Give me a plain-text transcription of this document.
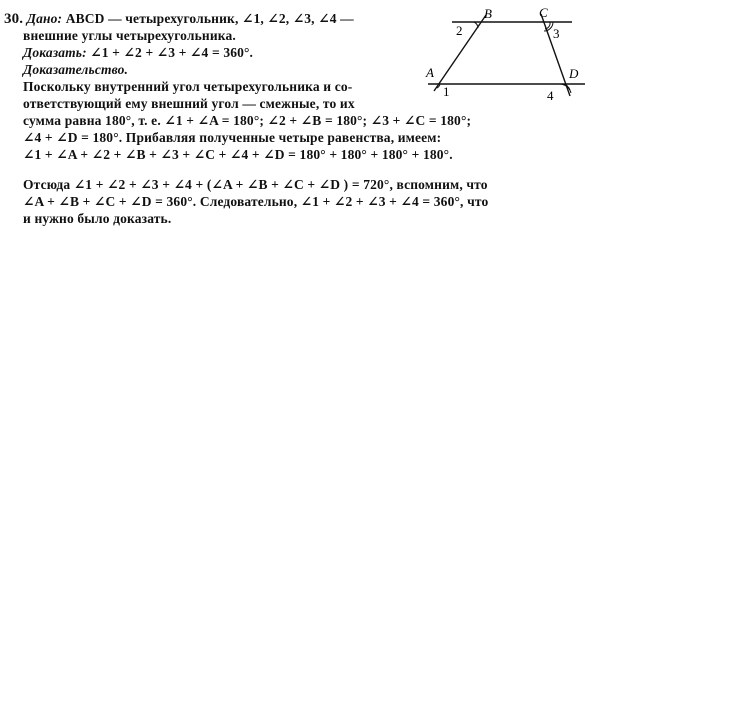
30. Дано: ABCD — четырехугольник, ∠1, ∠2, ∠3, ∠4 —
внешние углы четырехугольника.
Доказать: ∠1 + ∠2 + ∠3 + ∠4 = 360°.
Доказательство.
Поскольку внутренний угол четырехугольника и со-
ответствующий ему внешний угол — смежные, то их
сумма равна 180°, т. е. ∠1 + ∠A = 180°; ∠2 + ∠B = 180°; ∠3 + ∠C = 180°;
∠4 + ∠D = 180°. Прибавляя полученные четыре равенства, имеем:
∠1 + ∠A + ∠2 + ∠B + ∠3 + ∠C + ∠4 + ∠D = 180° + 180° + 180° + 180°.
Отсюда ∠1 + ∠2 + ∠3 + ∠4 + (∠A + ∠B + ∠C + ∠D ) = 720°, вспомним, что
∠A + ∠B + ∠C + ∠D = 360°. Следовательно, ∠1 + ∠2 + ∠3 + ∠4 = 360°, что
и нужно было доказать.
B	C
A	D
2	3
1	4
